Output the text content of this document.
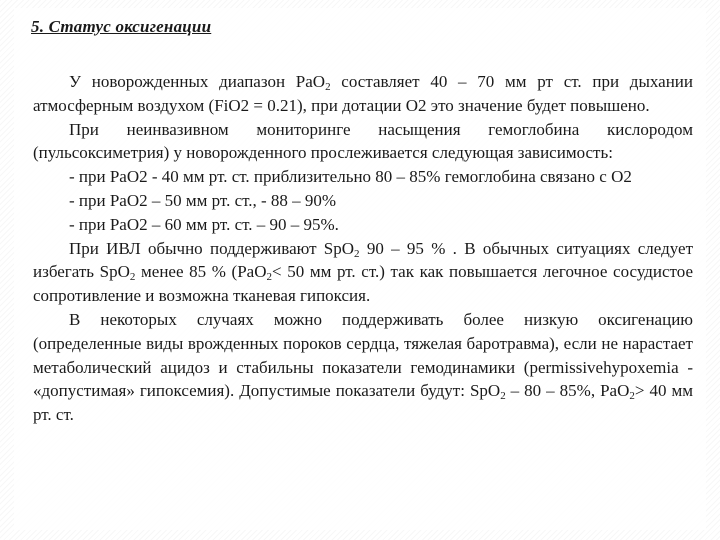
5. Статус оксигенации

У новорожденных диапазон PaO$_2$ составляет 40 – 70 мм рт ст. при дыхании атмосферным воздухом (FiO2 = 0.21), при дотации O2 это значение будет повышено.

При неинвазивном мониторинге насыщения гемоглобина кислородом (пульсоксиметрия) у новорожденного прослеживается следующая зависимость:

- при PaO2 - 40 мм рт. ст. приблизительно 80 – 85% гемоглобина связано с O2

- при PaO2 – 50 мм рт. ст., - 88 – 90%

- при PaO2 – 60 мм рт. ст. – 90 – 95%.

При ИВЛ обычно поддерживают SpO$_2$ 90 – 95 % . В обычных ситуациях следует избегать SpO$_2$ менее 85 % (PaO$_2$< 50 мм рт. ст.) так как повышается легочное сосудистое сопротивление и возможна тканевая гипоксия.

В некоторых случаях можно поддерживать более низкую оксигенацию (определенные виды врожденных пороков сердца, тяжелая баротравма), если не нарастает метаболический ацидоз и стабильны показатели гемодинамики (permissivehypoxemia - «допустимая» гипоксемия). Допустимые показатели будут: SpO$_2$ – 80 – 85%, PaO$_2$> 40 мм рт. ст.
